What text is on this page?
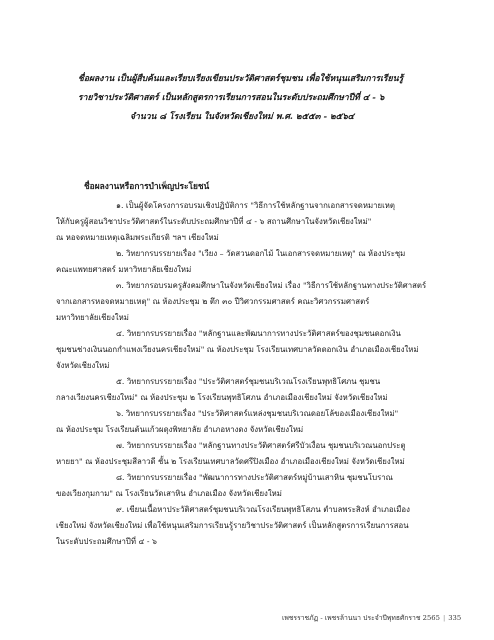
ชื่อผลงาน เป็นผู้สืบค้นและเรียบเรียงเขียนประวัติศาสตร์ชุมชน เพื่อใช้หนุนเสริมการเรียนรู้
รายวิชาประวัติศาสตร์ เป็นหลักสูตรการเรียนการสอนในระดับประถมศึกษาปีที่ ๔ - ๖
จำนวน ๘ โรงเรียน ในจังหวัดเชียงใหม่ พ.ศ. ๒๕๕๓ - ๒๕๖๔
ชื่อผลงานหรือการบำเพ็ญประโยชน์

๑. เป็นผู้จัดโครงการอบรมเชิงปฏิบัติการ "วิธีการใช้หลักฐานจากเอกสารจดหมายเหตุ
ให้กับครูผู้สอนวิชาประวัติศาสตร์ในระดับประถมศึกษาปีที่ ๔ - ๖ สถานศึกษาในจังหวัดเชียงใหม่"
ณ หอจดหมายเหตุเฉลิมพระเกียรติ ฯลฯ เชียงใหม่

๒. วิทยากรบรรยายเรื่อง "เวียง – วัดสวนดอกไม้ ในเอกสารจดหมายเหตุ" ณ ห้องประชุม
คณะแพทยศาสตร์ มหาวิทยาลัยเชียงใหม่

๓. วิทยากรอบรมครูสังคมศึกษาในจังหวัดเชียงใหม่ เรื่อง "วิธีการใช้หลักฐานทางประวัติศาสตร์
จากเอกสารหอจดหมายเหตุ" ณ ห้องประชุม ๒ ตึก ๓๐ ปีวิศวกรรมศาสตร์ คณะวิศวกรรมศาสตร์
มหาวิทยาลัยเชียงใหม่

๔. วิทยากรบรรยายเรื่อง "หลักฐานและพัฒนาการทางประวัติศาสตร์ของชุมชนดอกเงิน
ชุมชนช่างเงินนอกกำแพงเวียงนครเชียงใหม่" ณ ห้องประชุม โรงเรียนเทศบาลวัดดอกเงิน อำเภอเมืองเชียงใหม่
จังหวัดเชียงใหม่

๕. วิทยากรบรรยายเรื่อง "ประวัติศาสตร์ชุมชนบริเวณโรงเรียนพุทธิโศภน ชุมชน
กลางเวียงนครเชียงใหม่" ณ ห้องประชุม ๒ โรงเรียนพุทธิโศภน อำเภอเมืองเชียงใหม่ จังหวัดเชียงใหม่

๖. วิทยากรบรรยายเรื่อง "ประวัติศาสตร์แหล่งชุมชนบริเวณดอยโล้ของเมืองเชียงใหม่"
ณ ห้องประชุม โรงเรียนต้นแก้วผดุงพิทยาลัย อำเภอหางดง จังหวัดเชียงใหม่

๗. วิทยากรบรรยายเรื่อง "หลักฐานทางประวัติศาสตร์ศรีบัวเงื่อน ชุมชนบริเวณนอกประตู
หายยา" ณ ห้องประชุมสีลาวดี ชั้น ๒ โรงเรียนเทศบาลวัดศรีปิงเมือง อำเภอเมืองเชียงใหม่ จังหวัดเชียงใหม่

๘. วิทยากรบรรยายเรื่อง "พัฒนาการทางประวัติศาสตร์หมู่บ้านเสาหิน ชุมชนโบราณ
ของเวียงกุมกาม" ณ โรงเรียนวัดเสาหิน อำเภอเมือง จังหวัดเชียงใหม่

๙. เขียนเนื้อหาประวัติศาสตร์ชุมชนบริเวณโรงเรียนพุทธิโสภน ตำบลพระสิงห์ อำเภอเมือง
เชียงใหม่ จังหวัดเชียงใหม่ เพื่อใช้หนุนเสริมการเรียนรู้รายวิชาประวัติศาสตร์ เป็นหลักสูตรการเรียนการสอน
ในระดับประถมศึกษาปีที่ ๔ - ๖

เพชรราชภัฏ - เพชรล้านนา ประจำปีพุทธศักราช 2565 | 335
